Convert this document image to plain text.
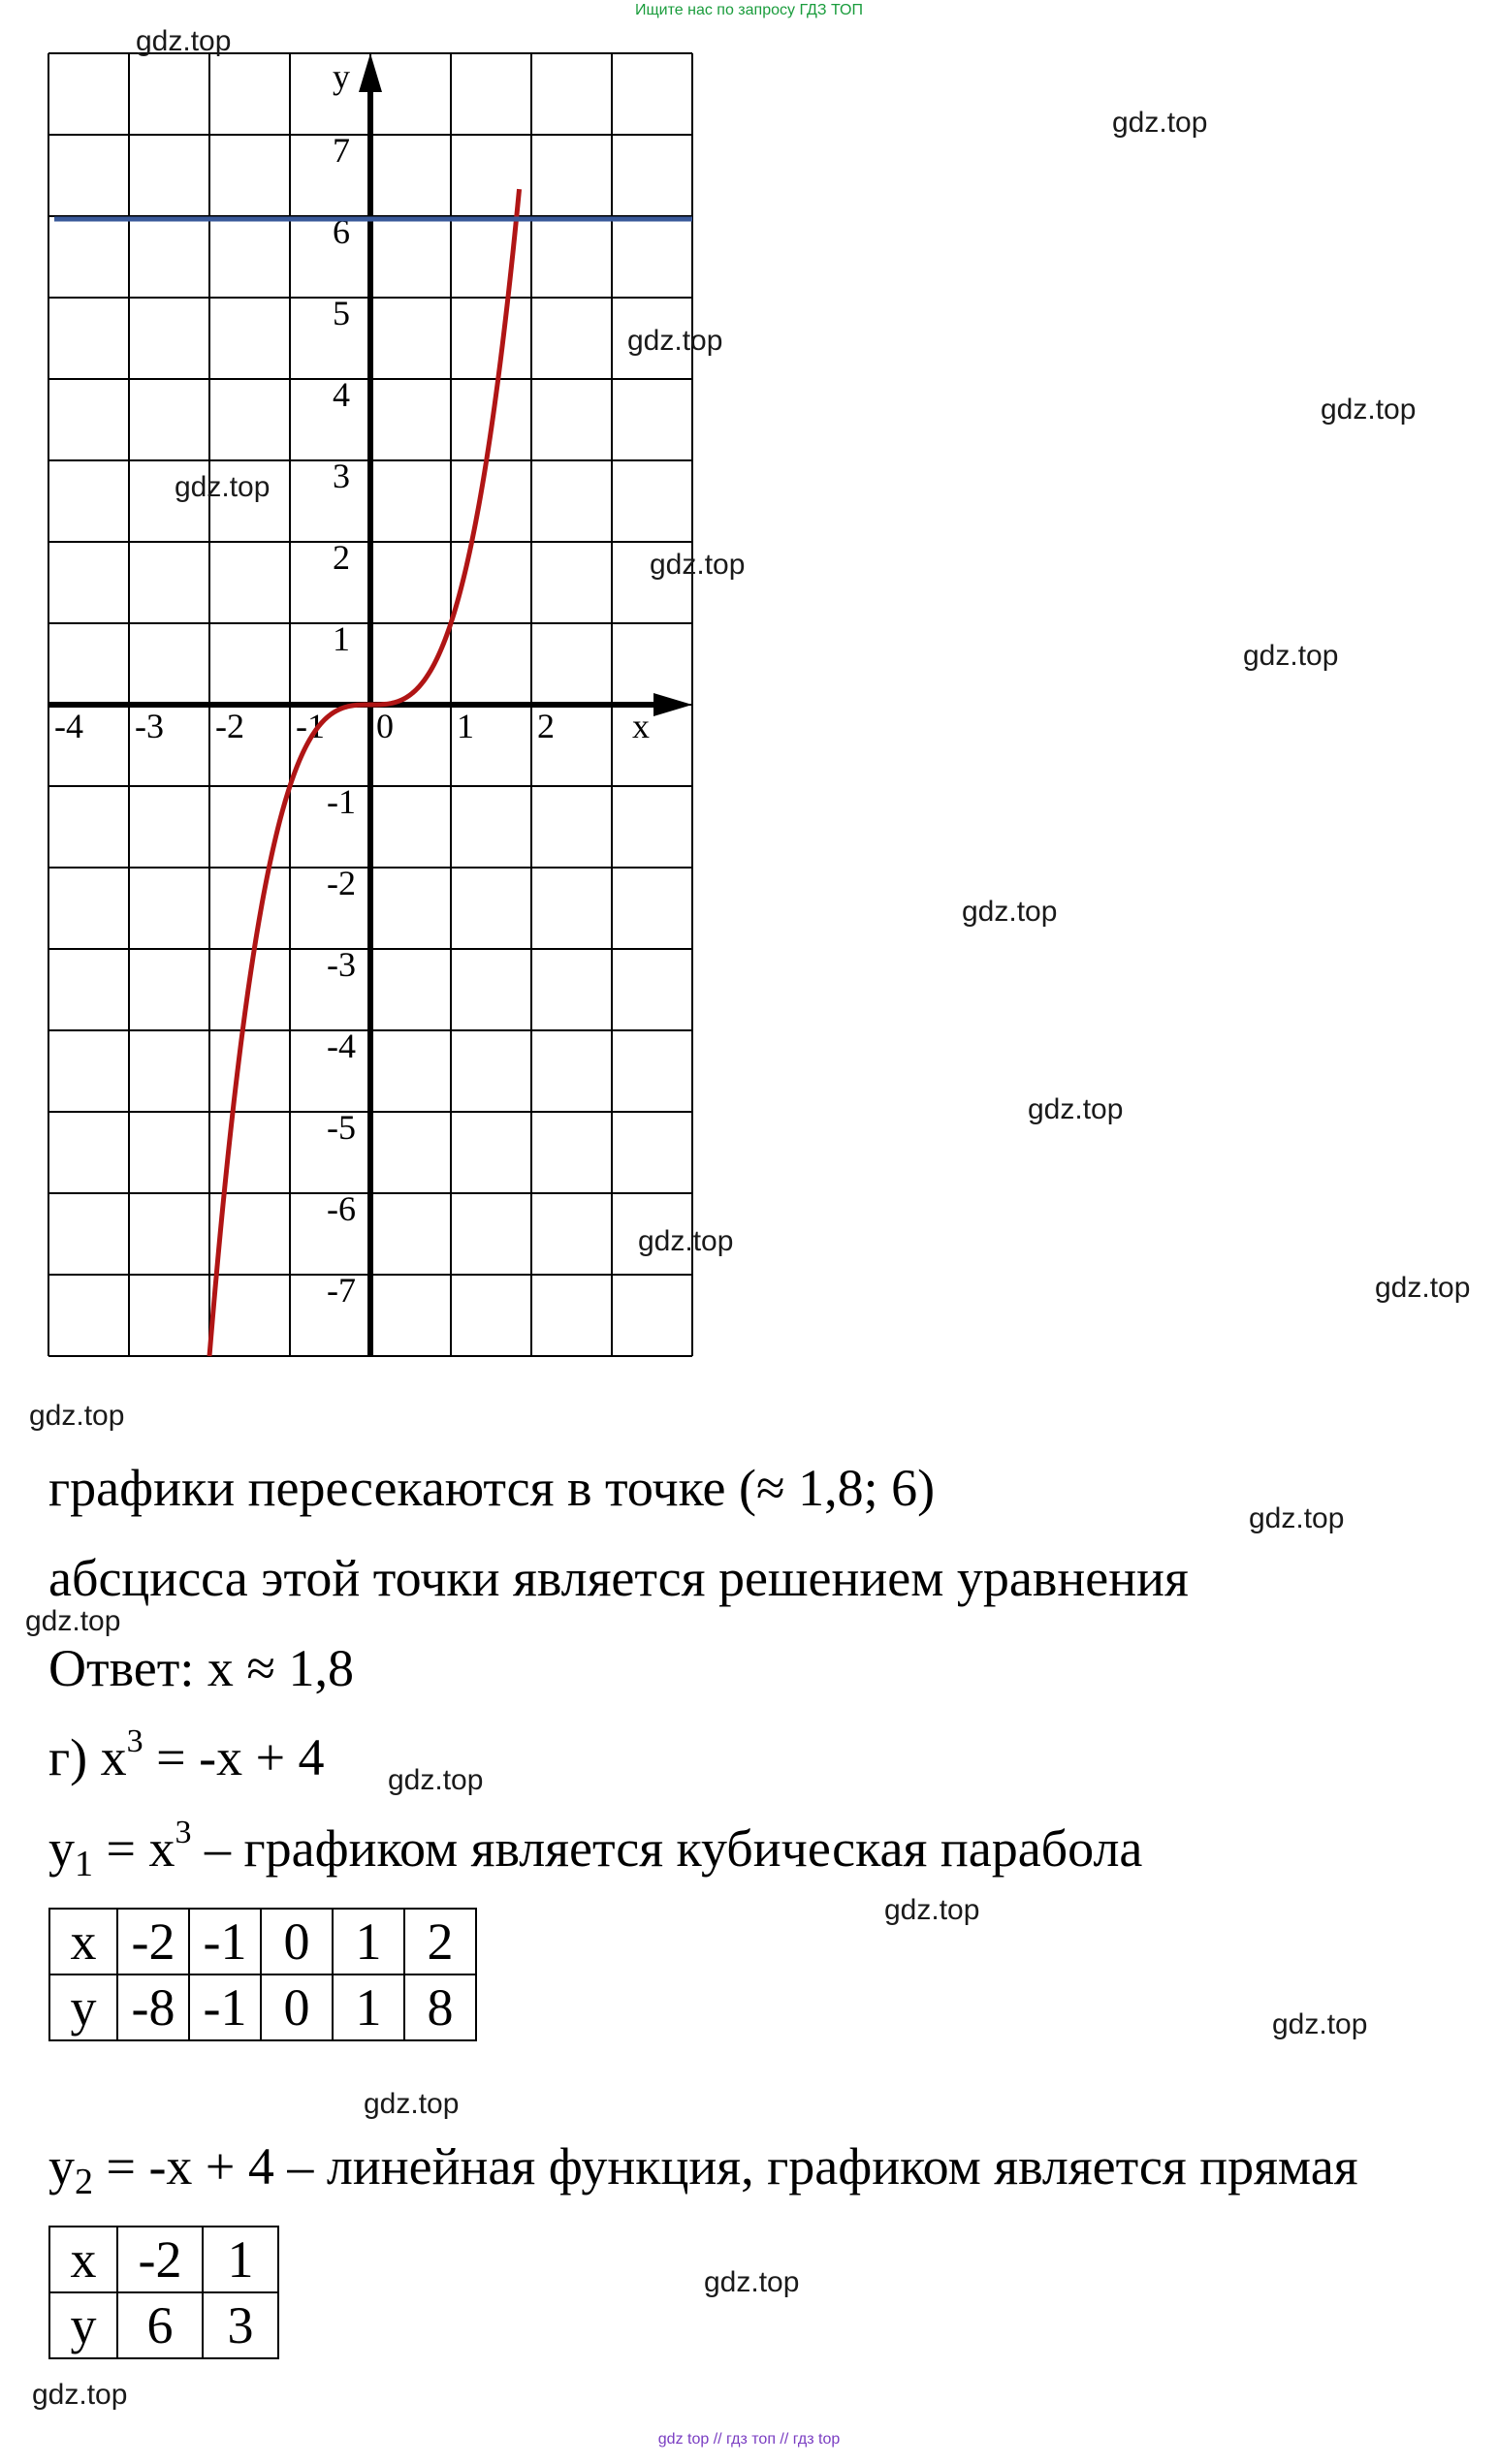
Ищите нас по запросу ГДЗ ТОП
-4 -3 -2 -1 0 1 2 x
7
6
5
4
3
2
1
-1
-2
-3
-4
-5
-6
-7
y
gdz.top
gdz.top
gdz.top
gdz.top
gdz.top
gdz.top
gdz.top
gdz.top
gdz.top
gdz.top
gdz.top
gdz.top
gdz.top
gdz.top
gdz.top
gdz.top
gdz.top
gdz.top
gdz.top
gdz.top
графики пересекаются в точке (≈ 1,8; 6)
абсцисса этой точки является решением уравнения
Ответ: x ≈ 1,8
г) $x^3 = -x + 4$
$y_1 = x^3$ – графиком является кубическая парабола
x	-2	-1	0	1	2
y	-8	-1	0	1	8
$y_2 = -x + 4$ – линейная функция, графиком является прямая
x	-2	1
y	6	3
gdz top // гдз топ // гдз top
